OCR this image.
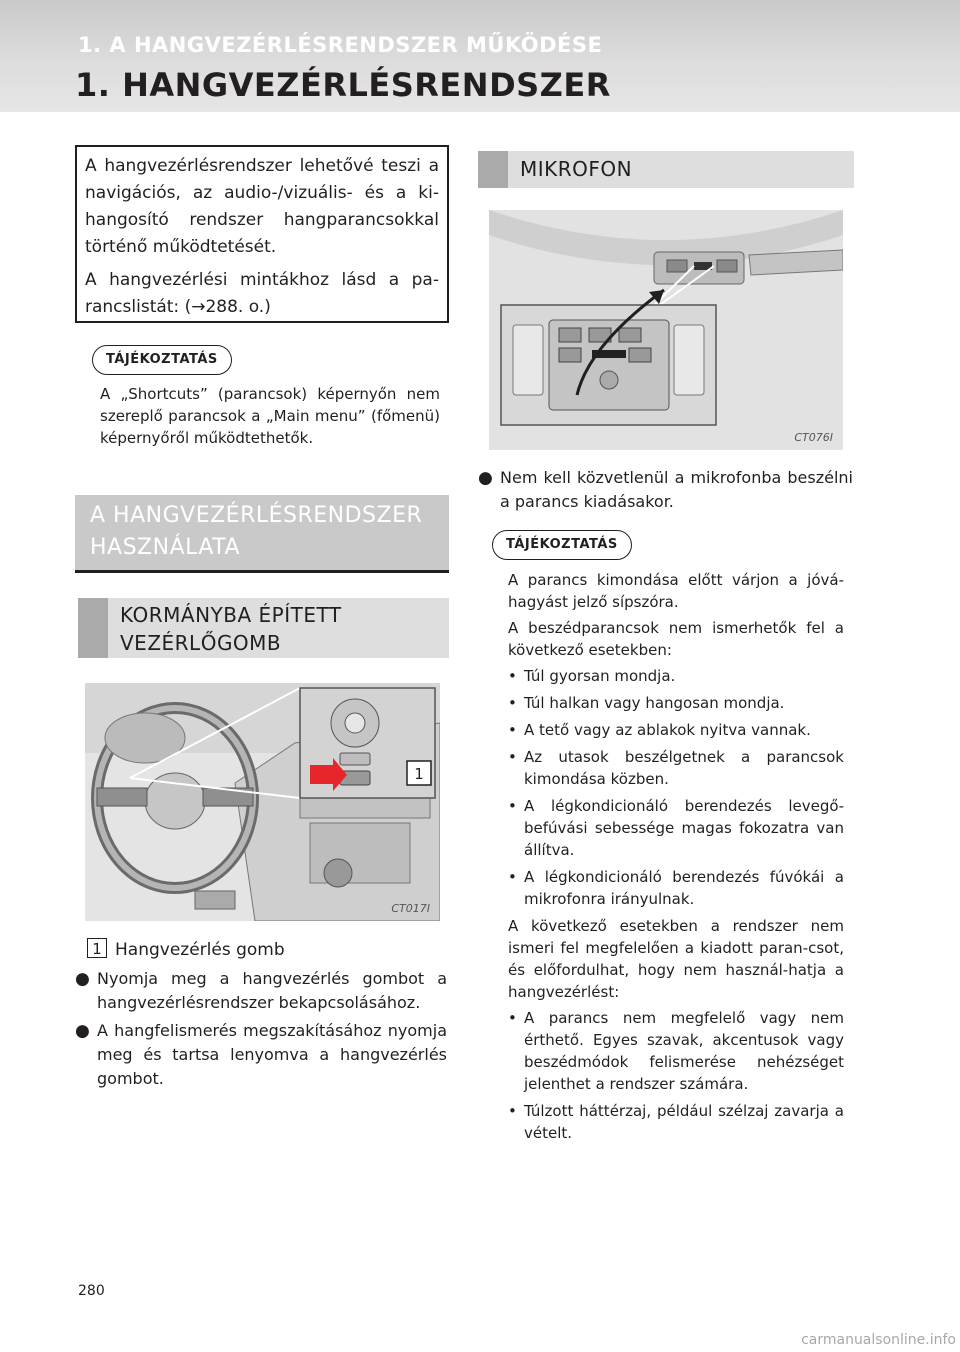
1. A HANGVEZÉRLÉSRENDSZER MŰKÖDÉSE
1. HANGVEZÉRLÉSRENDSZER

A hangvezérlésrendszer lehetővé teszi a navigációs, az audio-/vizuális- és a ki-hangosító rendszer hangparancsokkal történő működtetését.

A hangvezérlési mintákhoz lásd a pa-rancslistát: (→288. o.)

TÁJÉKOZTATÁS
A „Shortcuts” (parancsok) képernyőn nem szereplő parancsok a „Main menu” (főmenü) képernyőről működtethetők.
A HANGVEZÉRLÉSRENDSZER HASZNÁLATA
KORMÁNYBA ÉPÍTETT VEZÉRLŐGOMB
1
CT017I
1 Hangvezérlés gomb
● Nyomja meg a hangvezérlés gombot a hangvezérlésrendszer bekapcsolásához.
● A hangfelismerés megszakításához nyomja meg és tartsa lenyomva a hangvezérlés gombot.
MIKROFON
CT076I
● Nem kell közvetlenül a mikrofonba beszélni a parancs kiadásakor.
TÁJÉKOZTATÁS

A parancs kimondása előtt várjon a jóvá-hagyást jelző sípszóra.

A beszédparancsok nem ismerhetők fel a következő esetekben:

• Túl gyorsan mondja.
• Túl halkan vagy hangosan mondja.
• A tető vagy az ablakok nyitva vannak.
• Az utasok beszélgetnek a parancsok kimondása közben.
• A légkondicionáló berendezés levegő-befúvási sebessége magas fokozatra van állítva.
• A légkondicionáló berendezés fúvókái a mikrofonra irányulnak.

A következő esetekben a rendszer nem ismeri fel megfelelően a kiadott paran-csot, és előfordulhat, hogy nem használ-hatja a hangvezérlést:

• A parancs nem megfelelő vagy nem érthető. Egyes szavak, akcentusok vagy beszédmódok felismerése nehézséget jelenthet a rendszer számára.
• Túlzott háttérzaj, például szélzaj zavarja a vételt.
280
carmanualsonline.info
